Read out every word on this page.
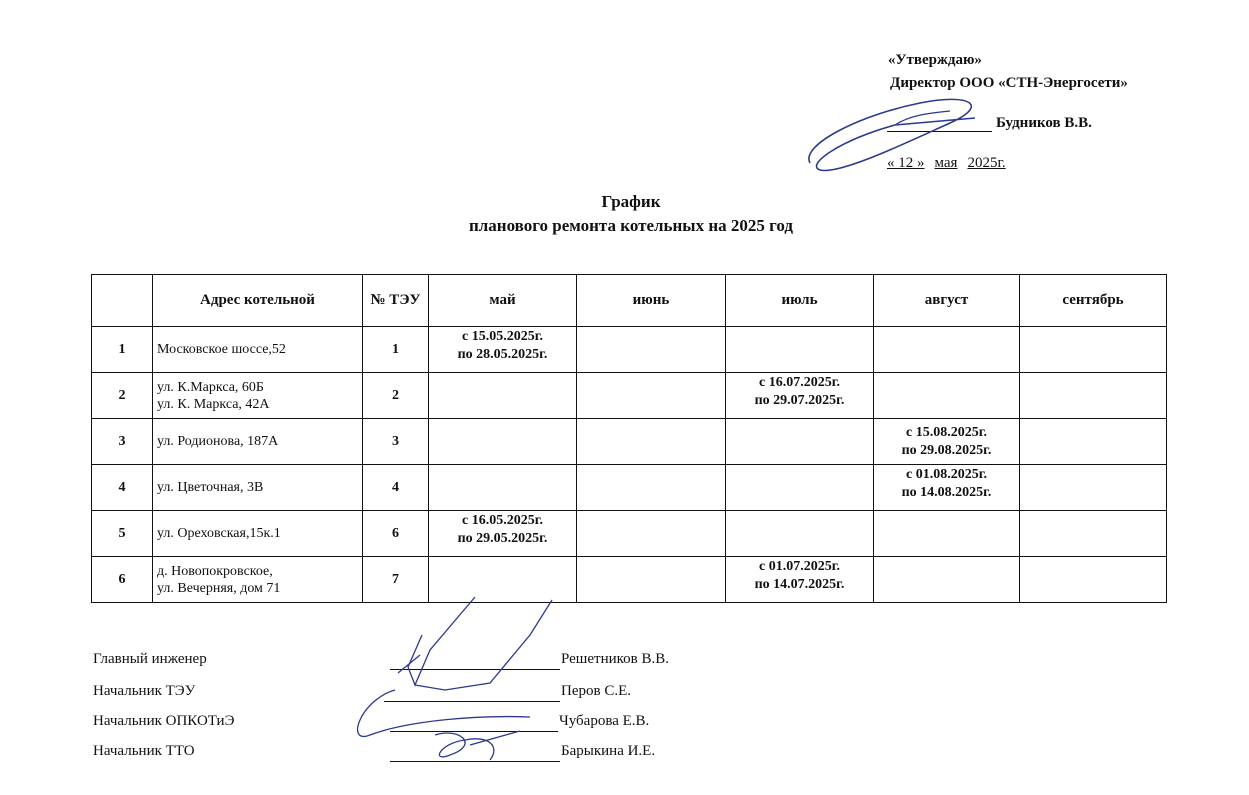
«Утверждаю»
Директор ООО «СТН-Энергосети»
Будников В.В.
« 12 » мая 2025г.
График
планового ремонта котельных на 2025 год
	Адрес котельной	№ ТЭУ	май	июнь	июль	август	сентябрь
1	Московское шоссе,52	1	с 15.05.2025г.
по 28.05.2025г.				
2	ул. К.Маркса, 60Б
ул. К. Маркса, 42А	2			с 16.07.2025г.
по 29.07.2025г.		
3	ул. Родионова, 187А	3				с 15.08.2025г.
по 29.08.2025г.	
4	ул. Цветочная, 3В	4				с 01.08.2025г.
по 14.08.2025г.	
5	ул. Ореховская,15к.1	6	с 16.05.2025г.
по 29.05.2025г.				
6	д. Новопокровское,
ул. Вечерняя, дом 71	7			с 01.07.2025г.
по 14.07.2025г.		
Главный инженер	Решетников В.В.
Начальник ТЭУ	Перов С.Е.
Начальник ОПКОТиЭ	Чубарова Е.В.
Начальник ТТО	Барыкина И.Е.
